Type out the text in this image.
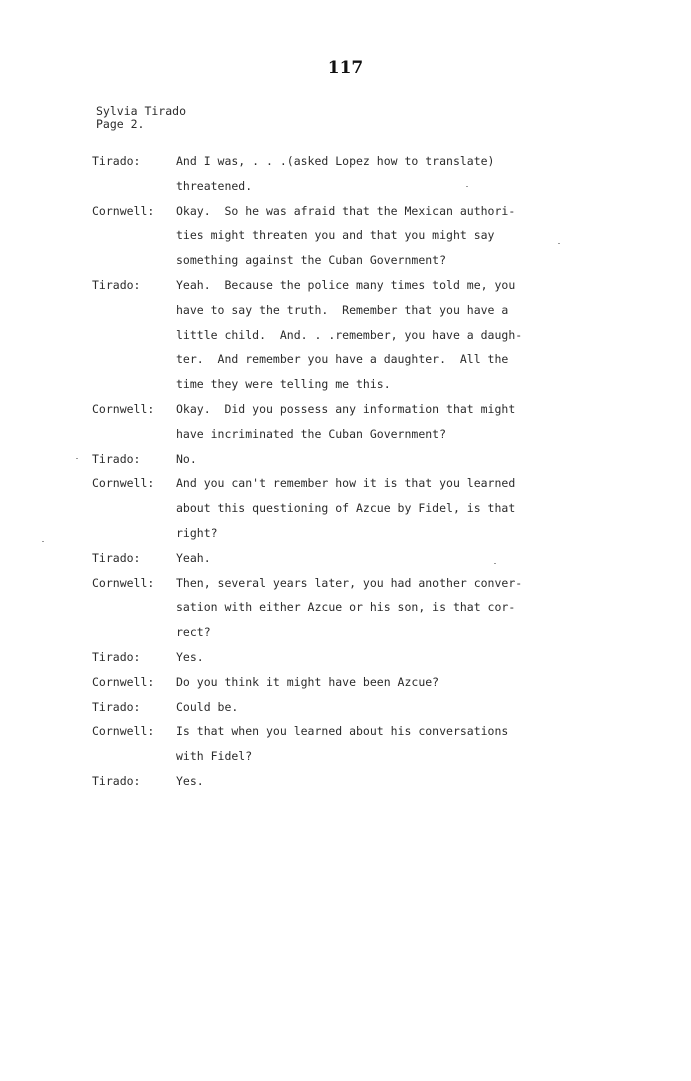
117
Sylvia Tirado
Page 2.
Tirado:	And I was, . . .(asked Lopez how to translate)
threatened.
Cornwell:	Okay.  So he was afraid that the Mexican authori-
ties might threaten you and that you might say
something against the Cuban Government?
Tirado:	Yeah.  Because the police many times told me, you
have to say the truth.  Remember that you have a
little child.  And. . .remember, you have a daugh-
ter.  And remember you have a daughter.  All the
time they were telling me this.
Cornwell:	Okay.  Did you possess any information that might
have incriminated the Cuban Government?
Tirado:	No.
Cornwell:	And you can't remember how it is that you learned
about this questioning of Azcue by Fidel, is that
right?
Tirado:	Yeah.
Cornwell:	Then, several years later, you had another conver-
sation with either Azcue or his son, is that cor-
rect?
Tirado:	Yes.
Cornwell:	Do you think it might have been Azcue?
Tirado:	Could be.
Cornwell:	Is that when you learned about his conversations
with Fidel?
Tirado:	Yes.
